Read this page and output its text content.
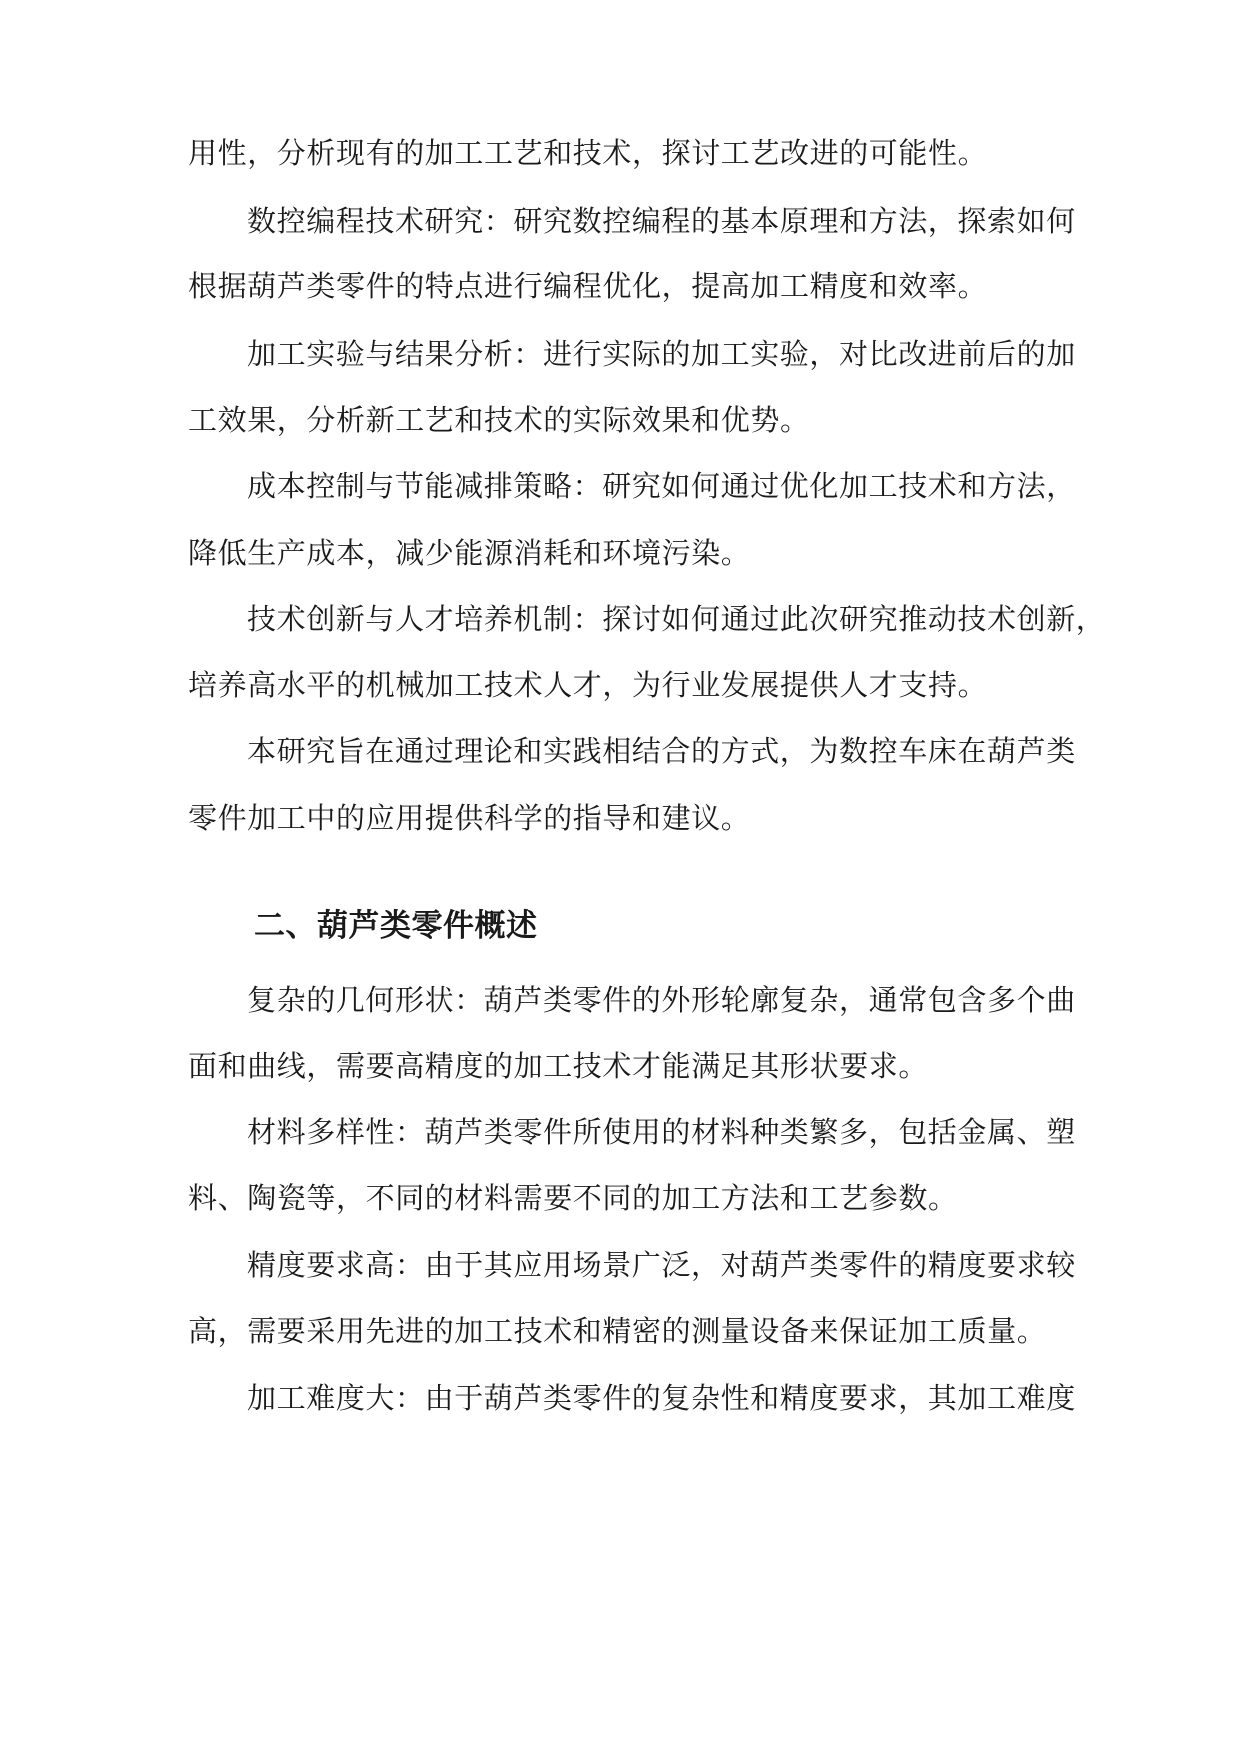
用性，分析现有的加工工艺和技术，探讨工艺改进的可能性。
数控编程技术研究：研究数控编程的基本原理和方法，探索如何
根据葫芦类零件的特点进行编程优化，提高加工精度和效率。
加工实验与结果分析：进行实际的加工实验，对比改进前后的加
工效果，分析新工艺和技术的实际效果和优势。
成本控制与节能减排策略：研究如何通过优化加工技术和方法，
降低生产成本，减少能源消耗和环境污染。
技术创新与人才培养机制：探讨如何通过此次研究推动技术创新，
培养高水平的机械加工技术人才，为行业发展提供人才支持。
本研究旨在通过理论和实践相结合的方式，为数控车床在葫芦类
零件加工中的应用提供科学的指导和建议。
二、葫芦类零件概述
复杂的几何形状：葫芦类零件的外形轮廓复杂，通常包含多个曲
面和曲线，需要高精度的加工技术才能满足其形状要求。
材料多样性：葫芦类零件所使用的材料种类繁多，包括金属、塑
料、陶瓷等，不同的材料需要不同的加工方法和工艺参数。
精度要求高：由于其应用场景广泛，对葫芦类零件的精度要求较
高，需要采用先进的加工技术和精密的测量设备来保证加工质量。
加工难度大：由于葫芦类零件的复杂性和精度要求，其加工难度
